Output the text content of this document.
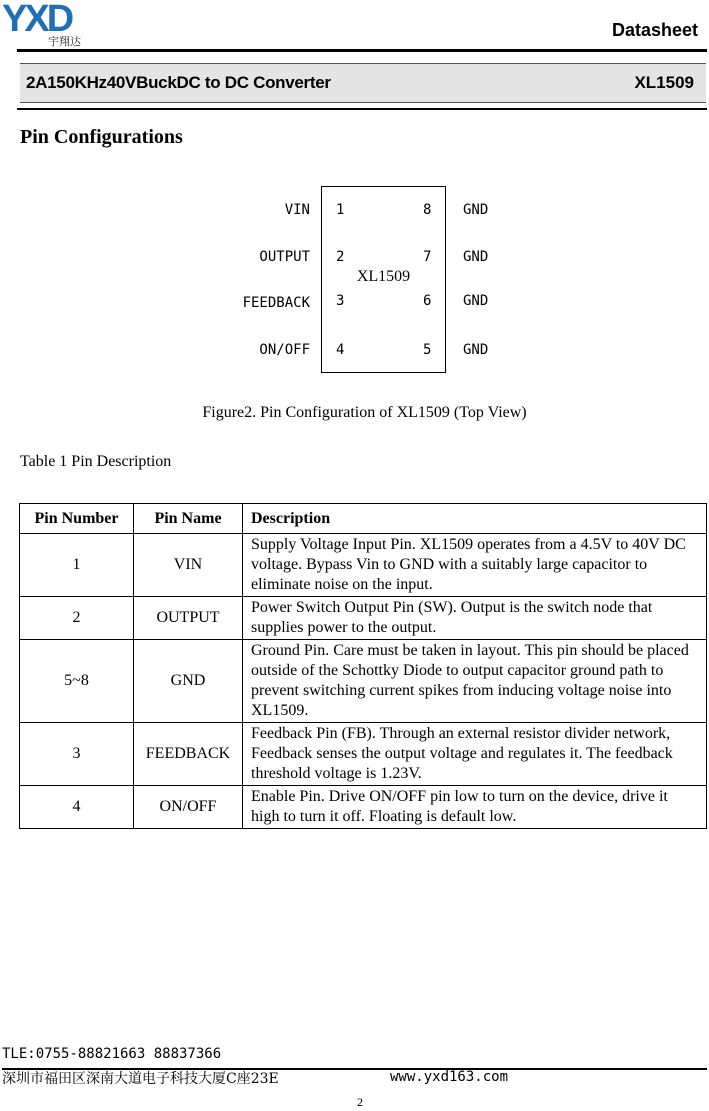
YXD
宇翔达
Datasheet
2A150KHz40VBuckDC to DC Converter	XL1509
Pin Configurations
XL1509
VIN 1	8 GND
OUTPUT 2	7 GND
FEEDBACK 3	6 GND
ON/OFF 4	5 GND
Figure2. Pin Configuration of XL1509 (Top View)
Table 1 Pin Description
Pin Number	Pin Name	Description
1	VIN	Supply Voltage Input Pin. XL1509 operates from a 4.5V to 40V DC voltage. Bypass Vin to GND with a suitably large capacitor to eliminate noise on the input.
2	OUTPUT	Power Switch Output Pin (SW). Output is the switch node that supplies power to the output.
5~8	GND	Ground Pin. Care must be taken in layout. This pin should be placed outside of the Schottky Diode to output capacitor ground path to prevent switching current spikes from inducing voltage noise into XL1509.
3	FEEDBACK	Feedback Pin (FB). Through an external resistor divider network, Feedback senses the output voltage and regulates it. The feedback threshold voltage is 1.23V.
4	ON/OFF	Enable Pin. Drive ON/OFF pin low to turn on the device, drive it high to turn it off. Floating is default low.
TLE:0755-88821663 88837366
深圳市福田区深南大道电子科技大厦C座23E	www.yxd163.com
2
